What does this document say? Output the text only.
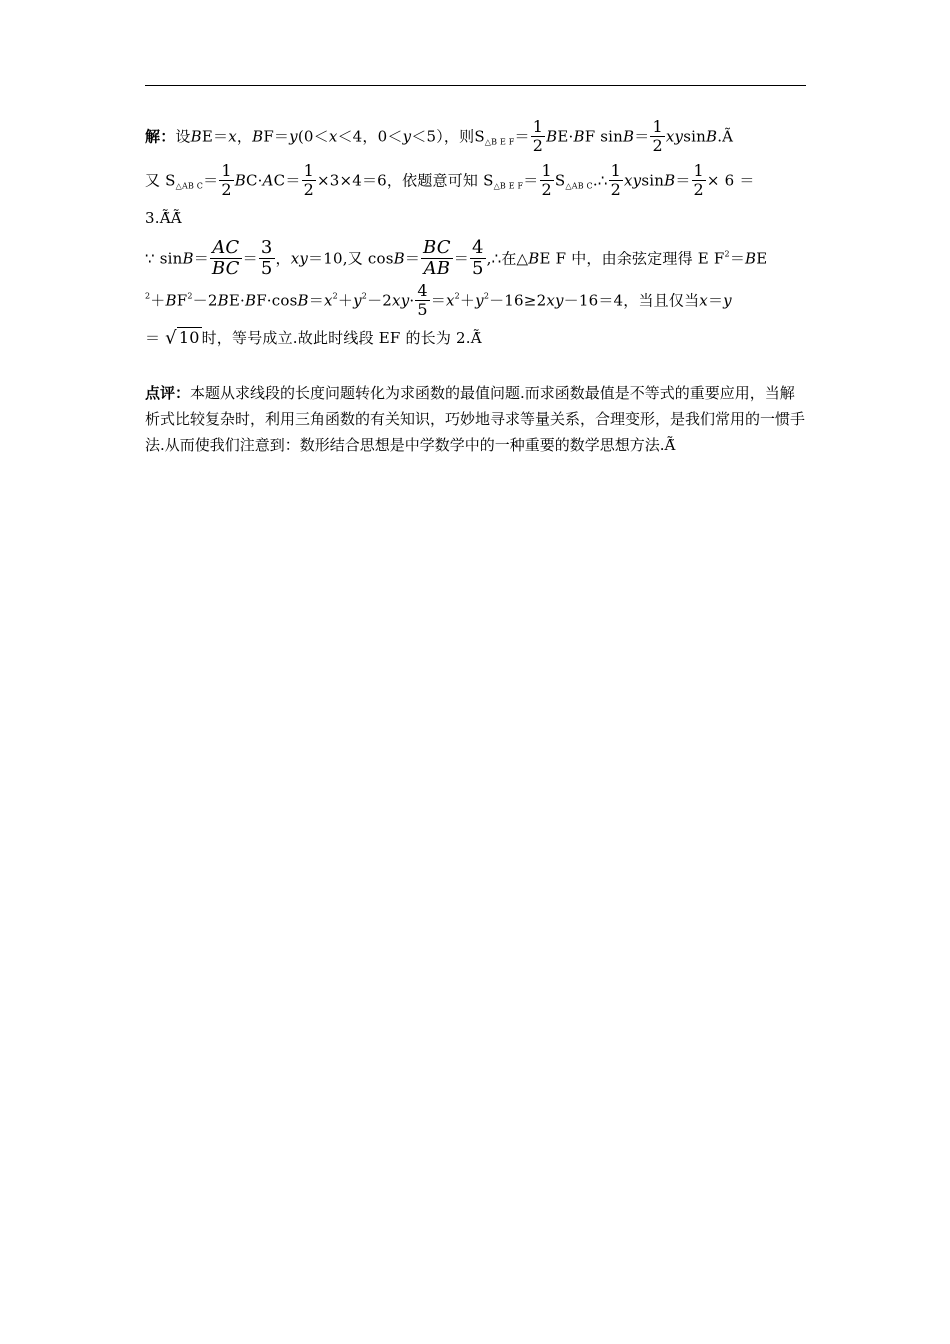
解：设BE＝x，BF＝y(0＜x＜4，0＜y＜5），则$S_{\triangle B E F}= \frac{1}{2} BE\cdot BF$ $\sin B= \frac{1}{2}$ xysinB.Ã
又 $S_{\triangle AB C}= \frac{1}{2} BC\cdot AC= \frac{1}{2} \times 3\times 4=6$，依题意可知 $S_{\triangle B E F}= \frac{1}{2}$ $S_{\triangle AB C}.\therefore \frac{1}{2} xysinB= \frac{1}{2} \times 6$ ＝
3.Ã̃Ã̃
∵ $\sin B= \frac{AC}{BC} = \frac{3}{5}$ ，xy＝10,又 $\cos B= \frac{BC}{AB} = \frac{4}{5}$ ,∴在△BE F 中，由余弦定理得 E $F^2=BE$
$^2+BF^2-2BE\cdot BF\cdot\cos B=x^2+y^2-2xy\cdot \frac{4}{5} =x^2+y^2-16\ge 2xy-16=4$，当且仅当x＝y
＝ √ 10 时，等号成立.故此时线段 EF 的长为 2.Ã̃
点评：本题从求线段的长度问题转化为求函数的最值问题.而求函数最值是不等式的重要应用，当解析式比较复杂时，利用三角函数的有关知识，巧妙地寻求等量关系，合理变形，是我们常用的一惯手法.从而使我们注意到：数形结合思想是中学数学中的一种重要的数学思想方法.Ã̃
